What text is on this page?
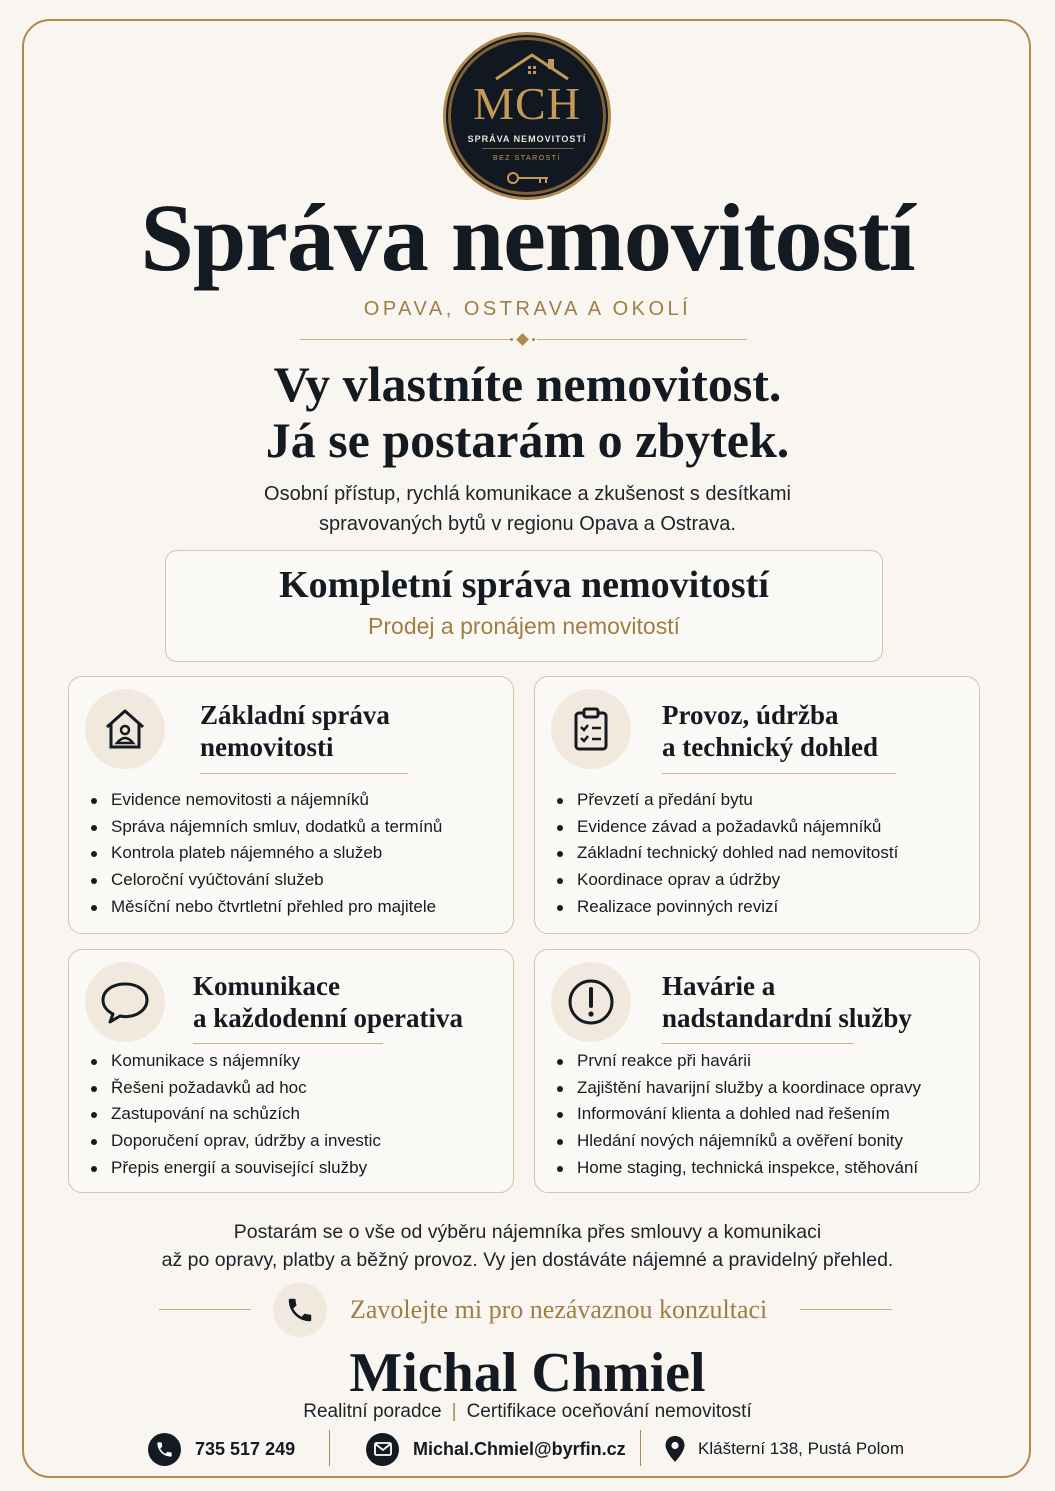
MCH
SPRÁVA NEMOVITOSTÍ
BEZ STAROSTÍ
Správa nemovitostí
OPAVA, OSTRAVA A OKOLÍ
Vy vlastníte nemovitost.
Já se postarám o zbytek.
Osobní přístup, rychlá komunikace a zkušenost s desítkami
spravovaných bytů v regionu Opava a Ostrava.
Kompletní správa nemovitostí

Prodej a pronájem nemovitostí

Základní správa
nemovitosti
Evidence nemovitosti a nájemníků
Správa nájemních smluv, dodatků a termínů
Kontrola plateb nájemného a služeb
Celoroční vyúčtování služeb
Měsíční nebo čtvrtletní přehled pro majitele
Provoz, údržba
a technický dohled
Převzetí a předání bytu
Evidence závad a požadavků nájemníků
Základní technický dohled nad nemovitostí
Koordinace oprav a údržby
Realizace povinných revizí
Komunikace
a každodenní operativa
Komunikace s nájemníky
Řešeni požadavků ad hoc
Zastupování na schůzích
Doporučení oprav, údržby a investic
Přepis energií a související služby
Havárie a
nadstandardní služby
První reakce při havárii
Zajištění havarijní služby a koordinace opravy
Informování klienta a dohled nad řešením
Hledání nových nájemníků a ověření bonity
Home staging, technická inspekce, stěhování
Postarám se o vše od výběru nájemníka přes smlouvy a komunikaci
až po opravy, platby a běžný provoz. Vy jen dostáváte nájemné a pravidelný přehled.
Zavolejte mi pro nezávaznou konzultaci
Michal Chmiel
Realitní poradce | Certifikace oceňování nemovitostí
735 517 249	Michal.Chmiel@byrfin.cz	Klášterní 138, Pustá Polom
